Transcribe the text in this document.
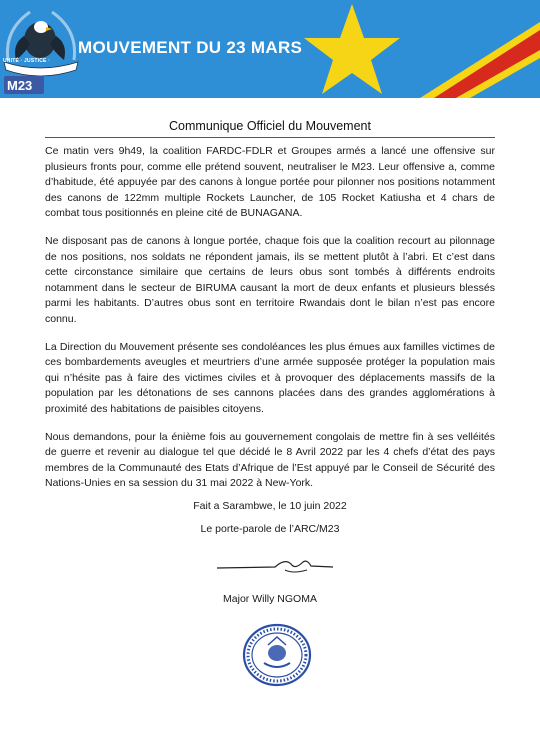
UNITÉ · JUSTICE ·
M23
MOUVEMENT DU 23 MARS
Communique Officiel du Mouvement

Ce matin vers 9h49, la coalition FARDC-FDLR et Groupes armés a lancé une offensive sur plusieurs fronts pour, comme elle prétend souvent, neutraliser le M23. Leur offensive a, comme d’habitude, été appuyée par des canons à longue portée pour pilonner nos positions notamment des canons de 122mm multiple Rockets Launcher, de 105 Rocket Katiusha et 4 chars de combat tous positionnés en pleine cité de BUNAGANA.

Ne disposant pas de canons à longue portée, chaque fois que la coalition recourt au pilonnage de nos positions, nos soldats ne répondent jamais, ils se mettent plutôt à l’abri. Et c’est dans cette circonstance similaire que certains de leurs obus sont tombés à différents endroits notamment dans le secteur de BIRUMA causant la mort de deux enfants et plusieurs blessés parmi les habitants. D’autres obus sont en territoire Rwandais dont le bilan n’est pas encore connu.

La Direction du Mouvement présente ses condoléances les plus émues aux familles victimes de ces bombardements aveugles et meurtriers d’une armée supposée protéger la population mais qui n’hésite pas à faire des victimes civiles et à provoquer des déplacements massifs de la population par les détonations de ses cannons placées dans des grandes agglomérations à proximité des habitations de paisibles citoyens.

Nous demandons, pour la énième fois au gouvernement congolais de mettre fin à ses velléités de guerre et revenir au dialogue tel que décidé le 8 Avril 2022 par les 4 chefs d’état des pays membres de la Communauté des Etats d’Afrique de l’Est appuyé par le Conseil de Sécurité des Nations-Unies en sa session du 31 mai 2022 à New-York.

Fait a Sarambwe, le 10 juin 2022
Le porte-parole de l’ARC/M23
Major Willy NGOMA
